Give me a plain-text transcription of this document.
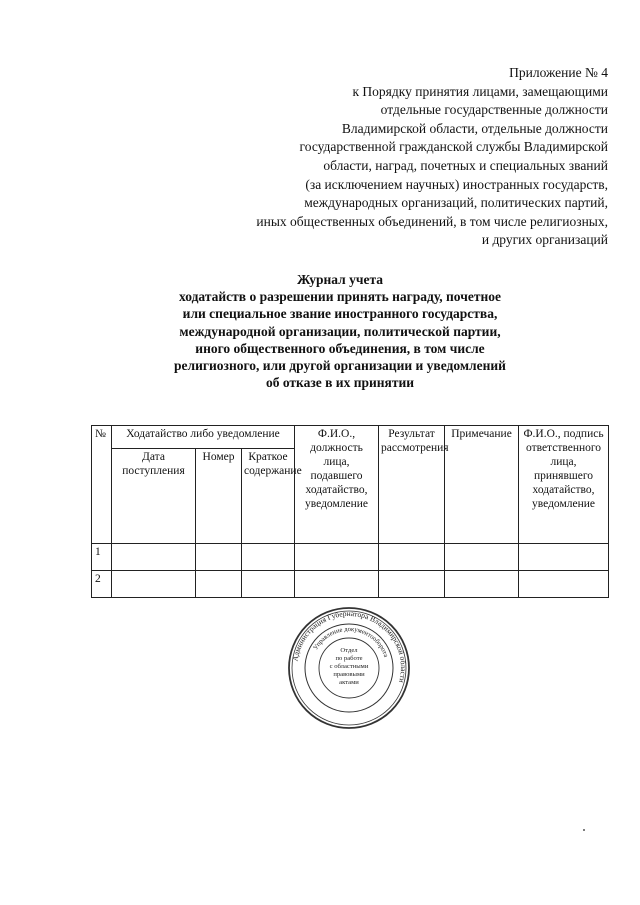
Приложение № 4
к Порядку принятия лицами, замещающими
отдельные государственные должности
Владимирской области, отдельные должности
государственной гражданской службы Владимирской
области, наград, почетных и специальных званий
(за исключением научных) иностранных государств,
международных организаций, политических партий,
иных общественных объединений, в том числе религиозных,
и других организаций
Журнал учета
ходатайств о разрешении принять награду, почетное
или специальное звание иностранного государства,
международной организации, политической партии,
иного общественного объединения, в том числе
религиозного, или другой организации и уведомлений
об отказе в их принятии
№	Ходатайство либо уведомление			Ф.И.О., должность лица, подавшего ходатайство, уведомление	Результат рассмотрения	Примечание	Ф.И.О., подпись ответственного лица, принявшего ходатайство, уведомление
	Дата поступления	Номер	Краткое содержание				
1							
2							
Администрация Губернатора Владимирской области
Управление документооборота
Отдел
по работе
с областными
правовыми
актами
